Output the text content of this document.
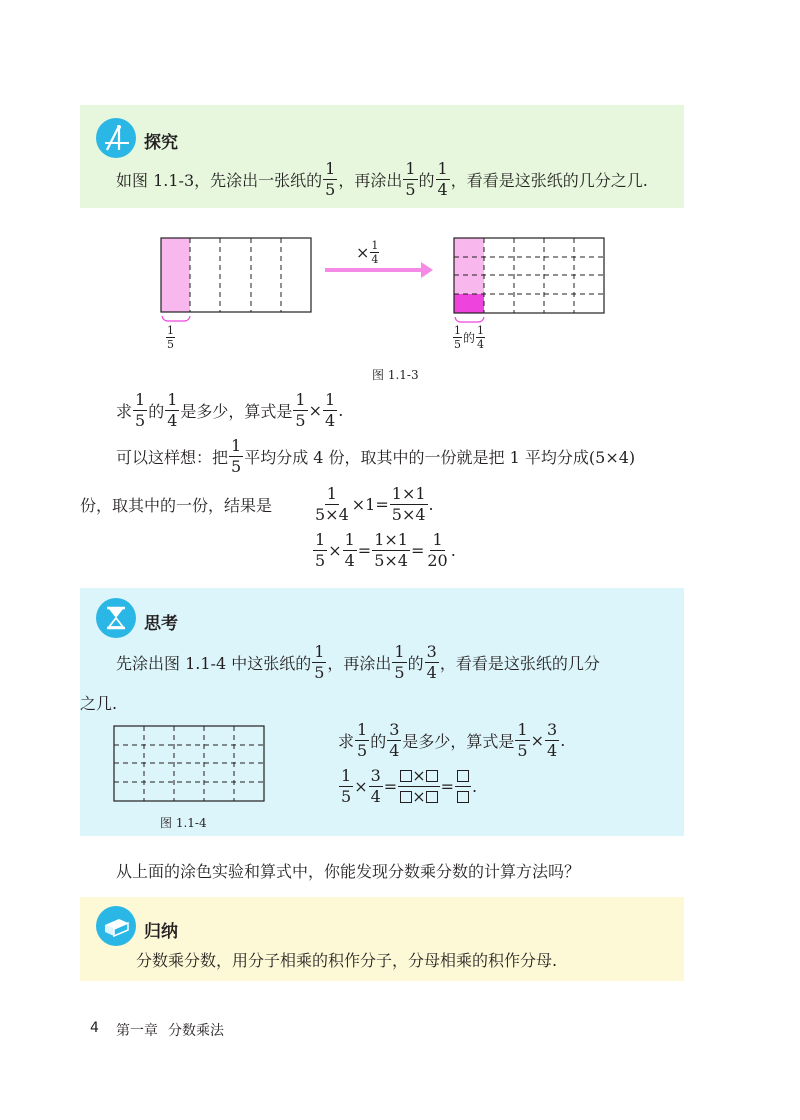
探究
如图 1.1-3，先涂出一张纸的 $\frac{1}{5}$ ，再涂出 $\frac{1}{5}$ 的 $\frac{1}{4}$ ，看看是这张纸的几分之几.
× $\frac{1}{4}$
$\frac{1}{5}$	$\frac{1}{5}$ 的 $\frac{1}{4}$
图 1.1-3
求 $\frac{1}{5}$ 的 $\frac{1}{4}$ 是多少，算式是 $\frac{1}{5} \times \frac{1}{4}$ .
可以这样想：把 $\frac{1}{5}$ 平均分成 4 份，取其中的一份就是把 1 平均分成(5×4)
份，取其中的一份，结果是	$\frac{1}{5\times 4} \times 1= \frac{1\times 1}{5\times 4}$ .
$\frac{1}{5} \times \frac{1}{4} = \frac{1\times 1}{5\times 4} = \frac{1}{20}$ .
思考
先涂出图 1.1-4 中这张纸的 $\frac{1}{5}$ ，再涂出 $\frac{1}{5}$ 的 $\frac{3}{4}$ ，看看是这张纸的几分
之几.
图 1.1-4
求 $\frac{1}{5}$ 的 $\frac{3}{4}$ 是多少，算式是 $\frac{1}{5} \times \frac{3}{4}$ .
$\frac{1}{5} \times \frac{3}{4} = \frac{\times}{\times}$ = .
从上面的涂色实验和算式中，你能发现分数乘分数的计算方法吗？
归纳
分数乘分数，用分子相乘的积作分子，分母相乘的积作分母.
4 第一章 分数乘法
